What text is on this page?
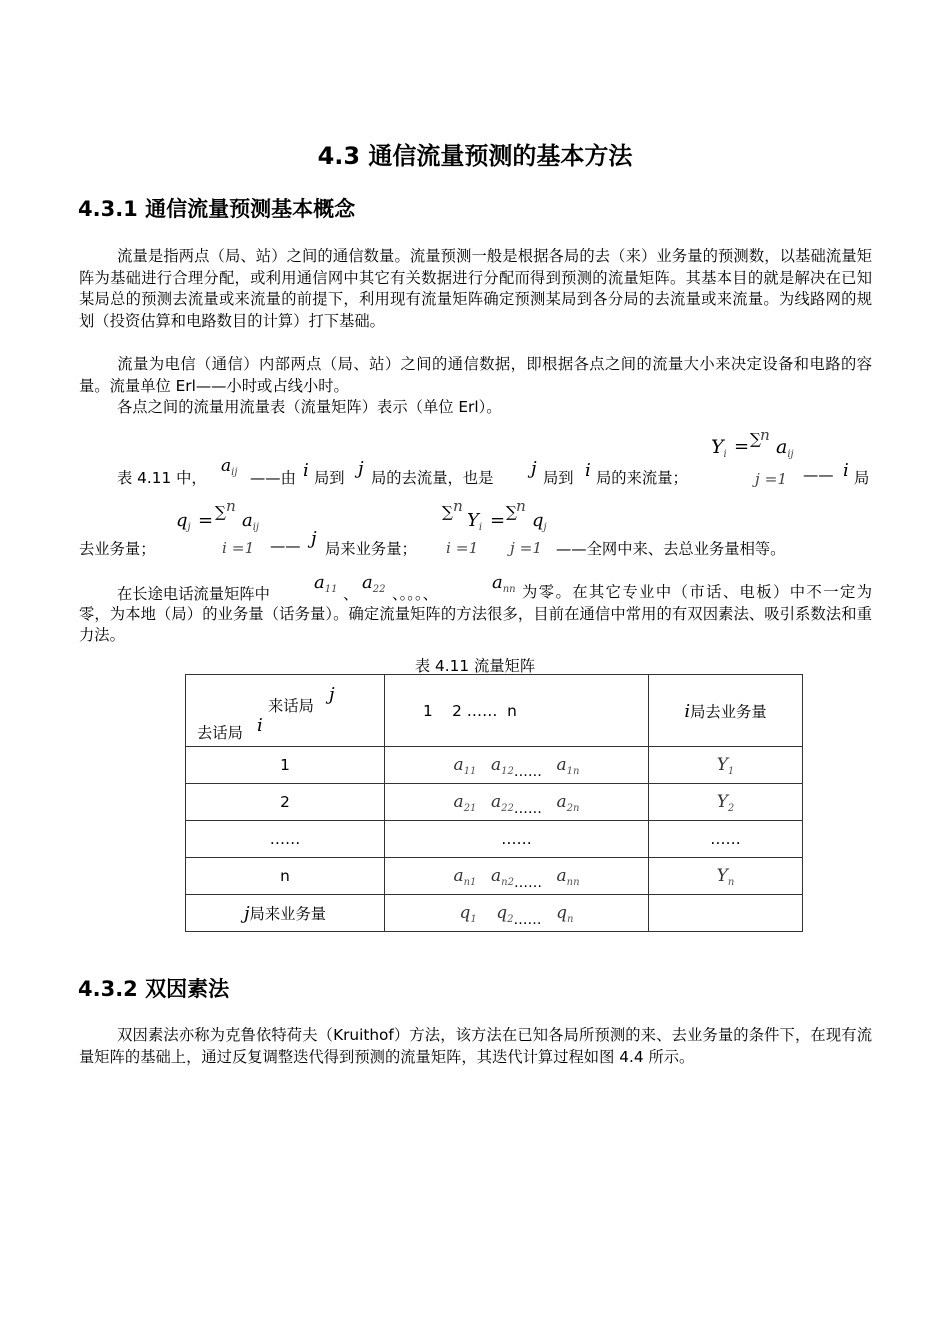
4.3 通信流量预测的基本方法
4.3.1 通信流量预测基本概念

流量是指两点（局、站）之间的通信数量。流量预测一般是根据各局的去（来）业务量的预测数，以基础流量矩阵为基础进行合理分配，或利用通信网中其它有关数据进行分配而得到预测的流量矩阵。其基本目的就是解决在已知某局总的预测去流量或来流量的前提下，利用现有流量矩阵确定预测某局到各分局的去流量或来流量。为线路网的规划（投资估算和电路数目的计算）打下基础。

流量为电信（通信）内部两点（局、站）之间的通信数据，即根据各点之间的流量大小来决定设备和电路的容量。流量单位 Erl——小时或占线小时。

各点之间的流量用流量表（流量矩阵）表示（单位 Erl）。

表 4.11 中，
$a_{ij}$ ——由 i 局到 j 局的去流量，也是 j 局到 i 局的来流量；
$Y_i$ = ∑ n
j =1
$a_{ij}$
—— i 局
去业务量；
$q_j$ = ∑ n
i =1
$a_{ij}$
—— j 局来业务量；
∑ n
i =1
$Y_i$ = ∑ n
j =1
$q_j$
——全网中来、去总业务量相等。
在长途电话流量矩阵中
$a_{11}$ 、
$a_{22}$ 、。。。、
$a_{nn}$ 为零。在其它专业中（市话、电板）中不一定为零，为本地（局）的业务量（话务量）。确定流量矩阵的方法很多，目前在通信中常用的有双因素法、吸引系数法和重力法。

表 4.11 流量矩阵
来话局
j
去话局 i	1    2 ……  n	i局去业务量
1	$a_{11}$ $a_{12}\dots\dots$ $a_{1n}$	$Y_1$
2	$a_{21}$ $a_{22}\dots\dots$ $a_{2n}$	$Y_2$
……	……	……
n	$a_{n1}$ $a_{n2}\dots\dots$ $a_{nn}$	$Y_n$
j局来业务量	$q_1$ $q_2\dots\dots$ $q_n$	
4.3.2 双因素法

双因素法亦称为克鲁依特荷夫（Kruithof）方法，该方法在已知各局所预测的来、去业务量的条件下，在现有流量矩阵的基础上，通过反复调整迭代得到预测的流量矩阵，其迭代计算过程如图 4.4 所示。
